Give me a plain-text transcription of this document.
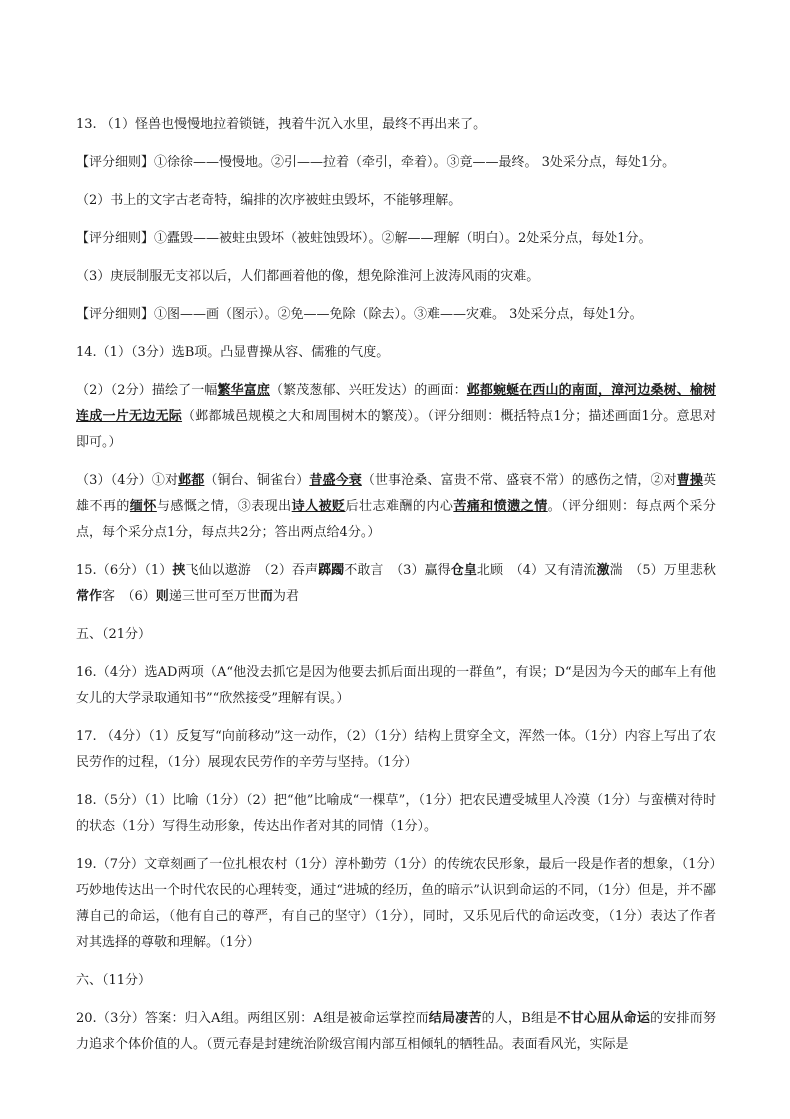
13. （1）怪兽也慢慢地拉着锁链，拽着牛沉入水里，最终不再出来了。

【评分细则】①徐徐——慢慢地。②引——拉着（牵引，牵着）。③竟——最终。 3处采分点，每处1分。

（2）书上的文字古老奇特，编排的次序被蛀虫毁坏，不能够理解。

【评分细则】①蠹毁——被蛀虫毁坏（被蛀蚀毁坏）。②解——理解（明白）。2处采分点，每处1分。

（3）庚辰制服无支祁以后，人们都画着他的像，想免除淮河上波涛风雨的灾难。

【评分细则】①图——画（图示）。②免——免除（除去）。③难——灾难。 3处采分点，每处1分。

14.（1）（3分）选B项。凸显曹操从容、儒雅的气度。

（2）（2分）描绘了一幅繁华富庶（繁茂葱郁、兴旺发达）的画面：邺都蜿蜒在西山的南面，漳河边桑树、榆树连成一片无边无际（邺都城邑规模之大和周围树木的繁茂）。（评分细则：概括特点1分；描述画面1分。意思对即可。）

（3）（4分）①对邺都（铜台、铜雀台）昔盛今衰（世事沧桑、富贵不常、盛衰不常）的感伤之情，②对曹操英雄不再的缅怀与感慨之情，③表现出诗人被贬后壮志难酬的内心苦痛和愤懑之情。（评分细则：每点两个采分点，每个采分点1分，每点共2分；答出两点给4分。）

15.（6分）（1）挟飞仙以遨游　（2）吞声踯躅不敢言　（3）赢得仓皇北顾　（4）又有清流激湍　（5）万里悲秋常作客　（6）则递三世可至万世而为君

五、（21分）

16.（4分）选AD两项（A“他没去抓它是因为他要去抓后面出现的一群鱼”，有误；D“是因为今天的邮车上有他女儿的大学录取通知书”“欣然接受”理解有误。）

17. （4分）（1）反复写“向前移动”这一动作，（2）（1分）结构上贯穿全文，浑然一体。（1分）内容上写出了农民劳作的过程，（1分）展现农民劳作的辛劳与坚持。（1分）

18.（5分）（1）比喻（1分）（2）把“他”比喻成“一棵草”，（1分）把农民遭受城里人冷漠（1分）与蛮横对待时的状态（1分）写得生动形象，传达出作者对其的同情（1分）。

19.（7分）文章刻画了一位扎根农村（1分）淳朴勤劳（1分）的传统农民形象，最后一段是作者的想象，（1分）巧妙地传达出一个时代农民的心理转变，通过“进城的经历，鱼的暗示”认识到命运的不同，（1分）但是，并不鄙薄自己的命运，（他有自己的尊严，有自己的坚守）（1分），同时，又乐见后代的命运改变，（1分）表达了作者对其选择的尊敬和理解。（1分）

六、（11分）

20.（3分）答案：归入A组。两组区别：A组是被命运掌控而结局凄苦的人，B组是不甘心屈从命运的安排而努力追求个体价值的人。（贾元春是封建统治阶级宫闱内部互相倾轧的牺牲品。表面看风光，实际是
